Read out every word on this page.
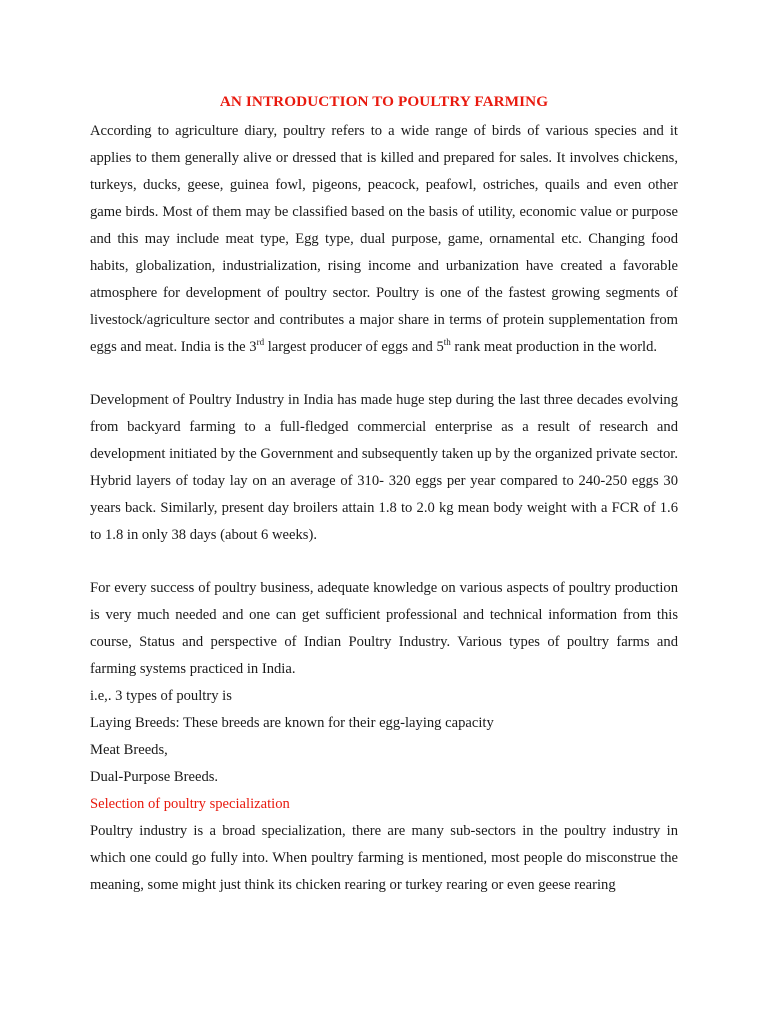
AN INTRODUCTION TO POULTRY FARMING

According to agriculture diary, poultry refers to a wide range of birds of various species and it applies to them generally alive or dressed that is killed and prepared for sales. It involves chickens, turkeys, ducks, geese, guinea fowl, pigeons, peacock, peafowl, ostriches, quails and even other game birds. Most of them may be classified based on the basis of utility, economic value or purpose and this may include meat type, Egg type, dual purpose, game, ornamental etc. Changing food habits, globalization, industrialization, rising income and urbanization have created a favorable atmosphere for development of poultry sector. Poultry is one of the fastest growing segments of livestock/agriculture sector and contributes a major share in terms of protein supplementation from eggs and meat. India is the 3rd largest producer of eggs and 5th rank meat production in the world.

Development of Poultry Industry in India has made huge step during the last three decades evolving from backyard farming to a full-fledged commercial enterprise as a result of research and development initiated by the Government and subsequently taken up by the organized private sector. Hybrid layers of today lay on an average of 310- 320 eggs per year compared to 240-250 eggs 30 years back. Similarly, present day broilers attain 1.8 to 2.0 kg mean body weight with a FCR of 1.6 to 1.8 in only 38 days (about 6 weeks).

For every success of poultry business, adequate knowledge on various aspects of poultry production is very much needed and one can get sufficient professional and technical information from this course, Status and perspective of Indian Poultry Industry. Various types of poultry farms and farming systems practiced in India.

i.e,. 3 types of poultry is

Laying Breeds: These breeds are known for their egg-laying capacity

Meat Breeds,

Dual-Purpose Breeds.

Selection of poultry specialization

Poultry industry is a broad specialization, there are many sub-sectors in the poultry industry in which one could go fully into. When poultry farming is mentioned, most people do misconstrue the meaning, some might just think its chicken rearing or turkey rearing or even geese rearing
